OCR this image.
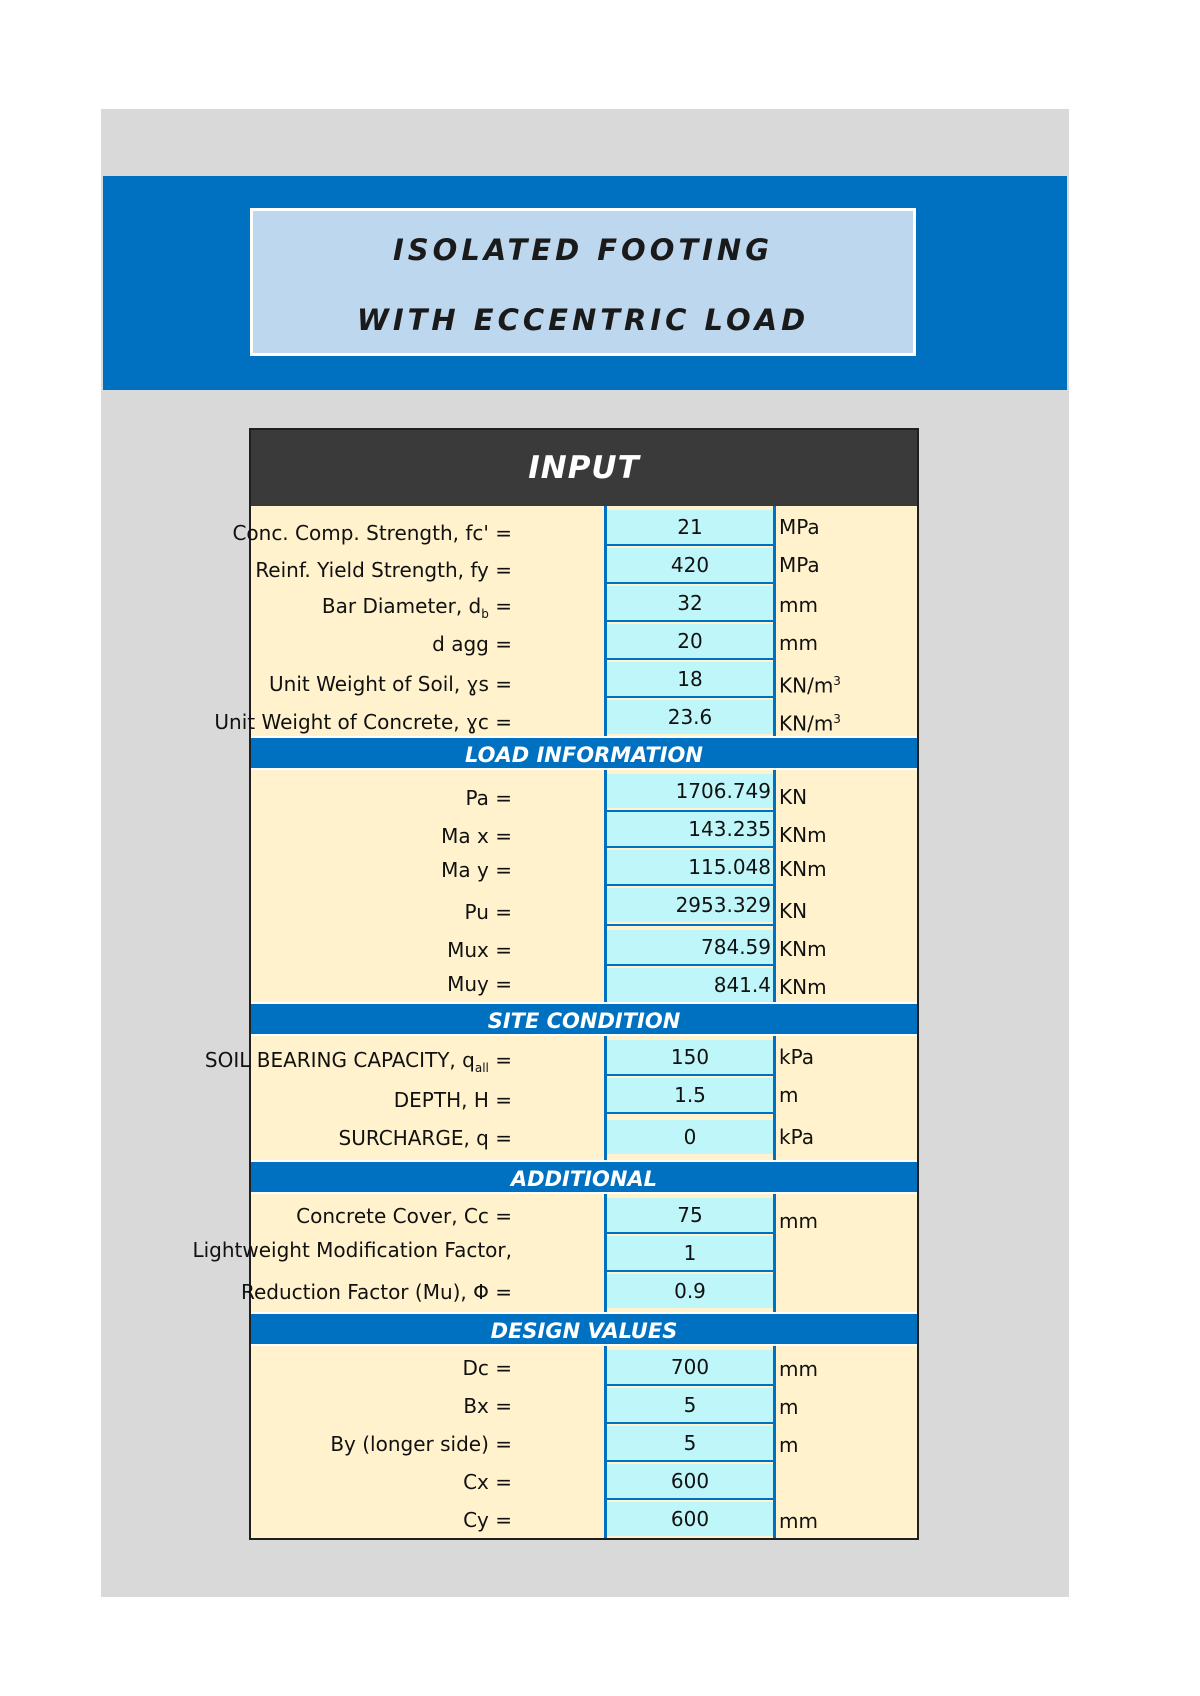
ISOLATED FOOTING
WITH ECCENTRIC LOAD
INPUT
Conc. Comp. Strength, fc' =	21	MPa
Reinf. Yield Strength, fy =	420	MPa
Bar Diameter, $d_b$ =	32	mm
d agg =	20	mm
Unit Weight of Soil, ɣs =	18	$KN/m^3$
Unit Weight of Concrete, ɣc =	23.6	$KN/m^3$
LOAD INFORMATION
Pa =	1706.749 KN
Ma x =	143.235 KNm
Ma y =	115.048 KNm
Pu =	2953.329 KN
Mux =	784.59 KNm
Muy =	841.4 KNm
SITE CONDITION
SOIL BEARING CAPACITY, $q_{all}$ =	150	kPa
DEPTH, H =	1.5	m
SURCHARGE, q =	0	kPa
ADDITIONAL
Concrete Cover, Cc =	75	mm
Lightweight Modification Factor,	1
Reduction Factor (Mu), Φ =	0.9
DESIGN VALUES
Dc =	700	mm
Bx =	5	m
By (longer side) =	5	m
Cx =	600
Cy =	600	mm
